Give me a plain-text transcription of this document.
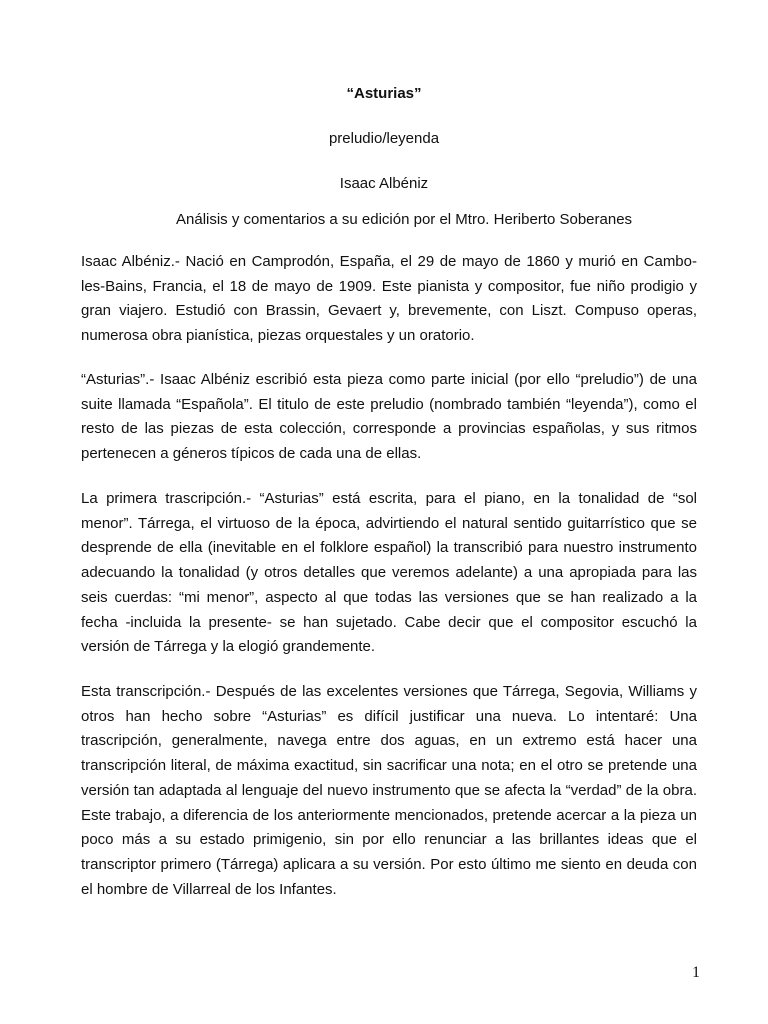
“Asturias”
preludio/leyenda
Isaac Albéniz
Análisis y comentarios a su edición por el Mtro. Heriberto Soberanes

Isaac Albéniz.- Nació en Camprodón, España, el 29 de mayo de 1860 y murió en Cambo-les-Bains, Francia, el 18 de mayo de 1909. Este pianista y compositor, fue niño prodigio y gran viajero. Estudió con Brassin, Gevaert y, brevemente, con Liszt. Compuso operas, numerosa obra pianística, piezas orquestales y un oratorio.

“Asturias”.- Isaac Albéniz escribió esta pieza como parte inicial (por ello “preludio”) de una suite llamada “Española”. El titulo de este preludio (nombrado también “leyenda”), como el resto de las piezas de esta colección, corresponde a provincias españolas, y sus ritmos pertenecen a géneros típicos de cada una de ellas.

La primera trascripción.- “Asturias” está escrita, para el piano, en la tonalidad de “sol menor”. Tárrega, el virtuoso de la época, advirtiendo el natural sentido guitarrístico que se desprende de ella (inevitable en el folklore español) la transcribió para nuestro instrumento adecuando la tonalidad (y otros detalles que veremos adelante) a una apropiada para las seis cuerdas: “mi menor”, aspecto al que todas las versiones que se han realizado a la fecha -incluida la presente- se han sujetado. Cabe decir que el compositor escuchó la versión de Tárrega y la elogió grandemente.

Esta transcripción.- Después de las excelentes versiones que Tárrega, Segovia, Williams y otros han hecho sobre “Asturias” es difícil justificar una nueva. Lo intentaré: Una trascripción, generalmente, navega entre dos aguas, en un extremo está hacer una transcripción literal, de máxima exactitud, sin sacrificar una nota; en el otro se pretende una versión tan adaptada al lenguaje del nuevo instrumento que se afecta la “verdad” de la obra. Este trabajo, a diferencia de los anteriormente mencionados, pretende acercar a la pieza un poco más a su estado primigenio, sin por ello renunciar a las brillantes ideas que el transcriptor primero (Tárrega) aplicara a su versión. Por esto último me siento en deuda con el hombre de Villarreal de los Infantes.

1
